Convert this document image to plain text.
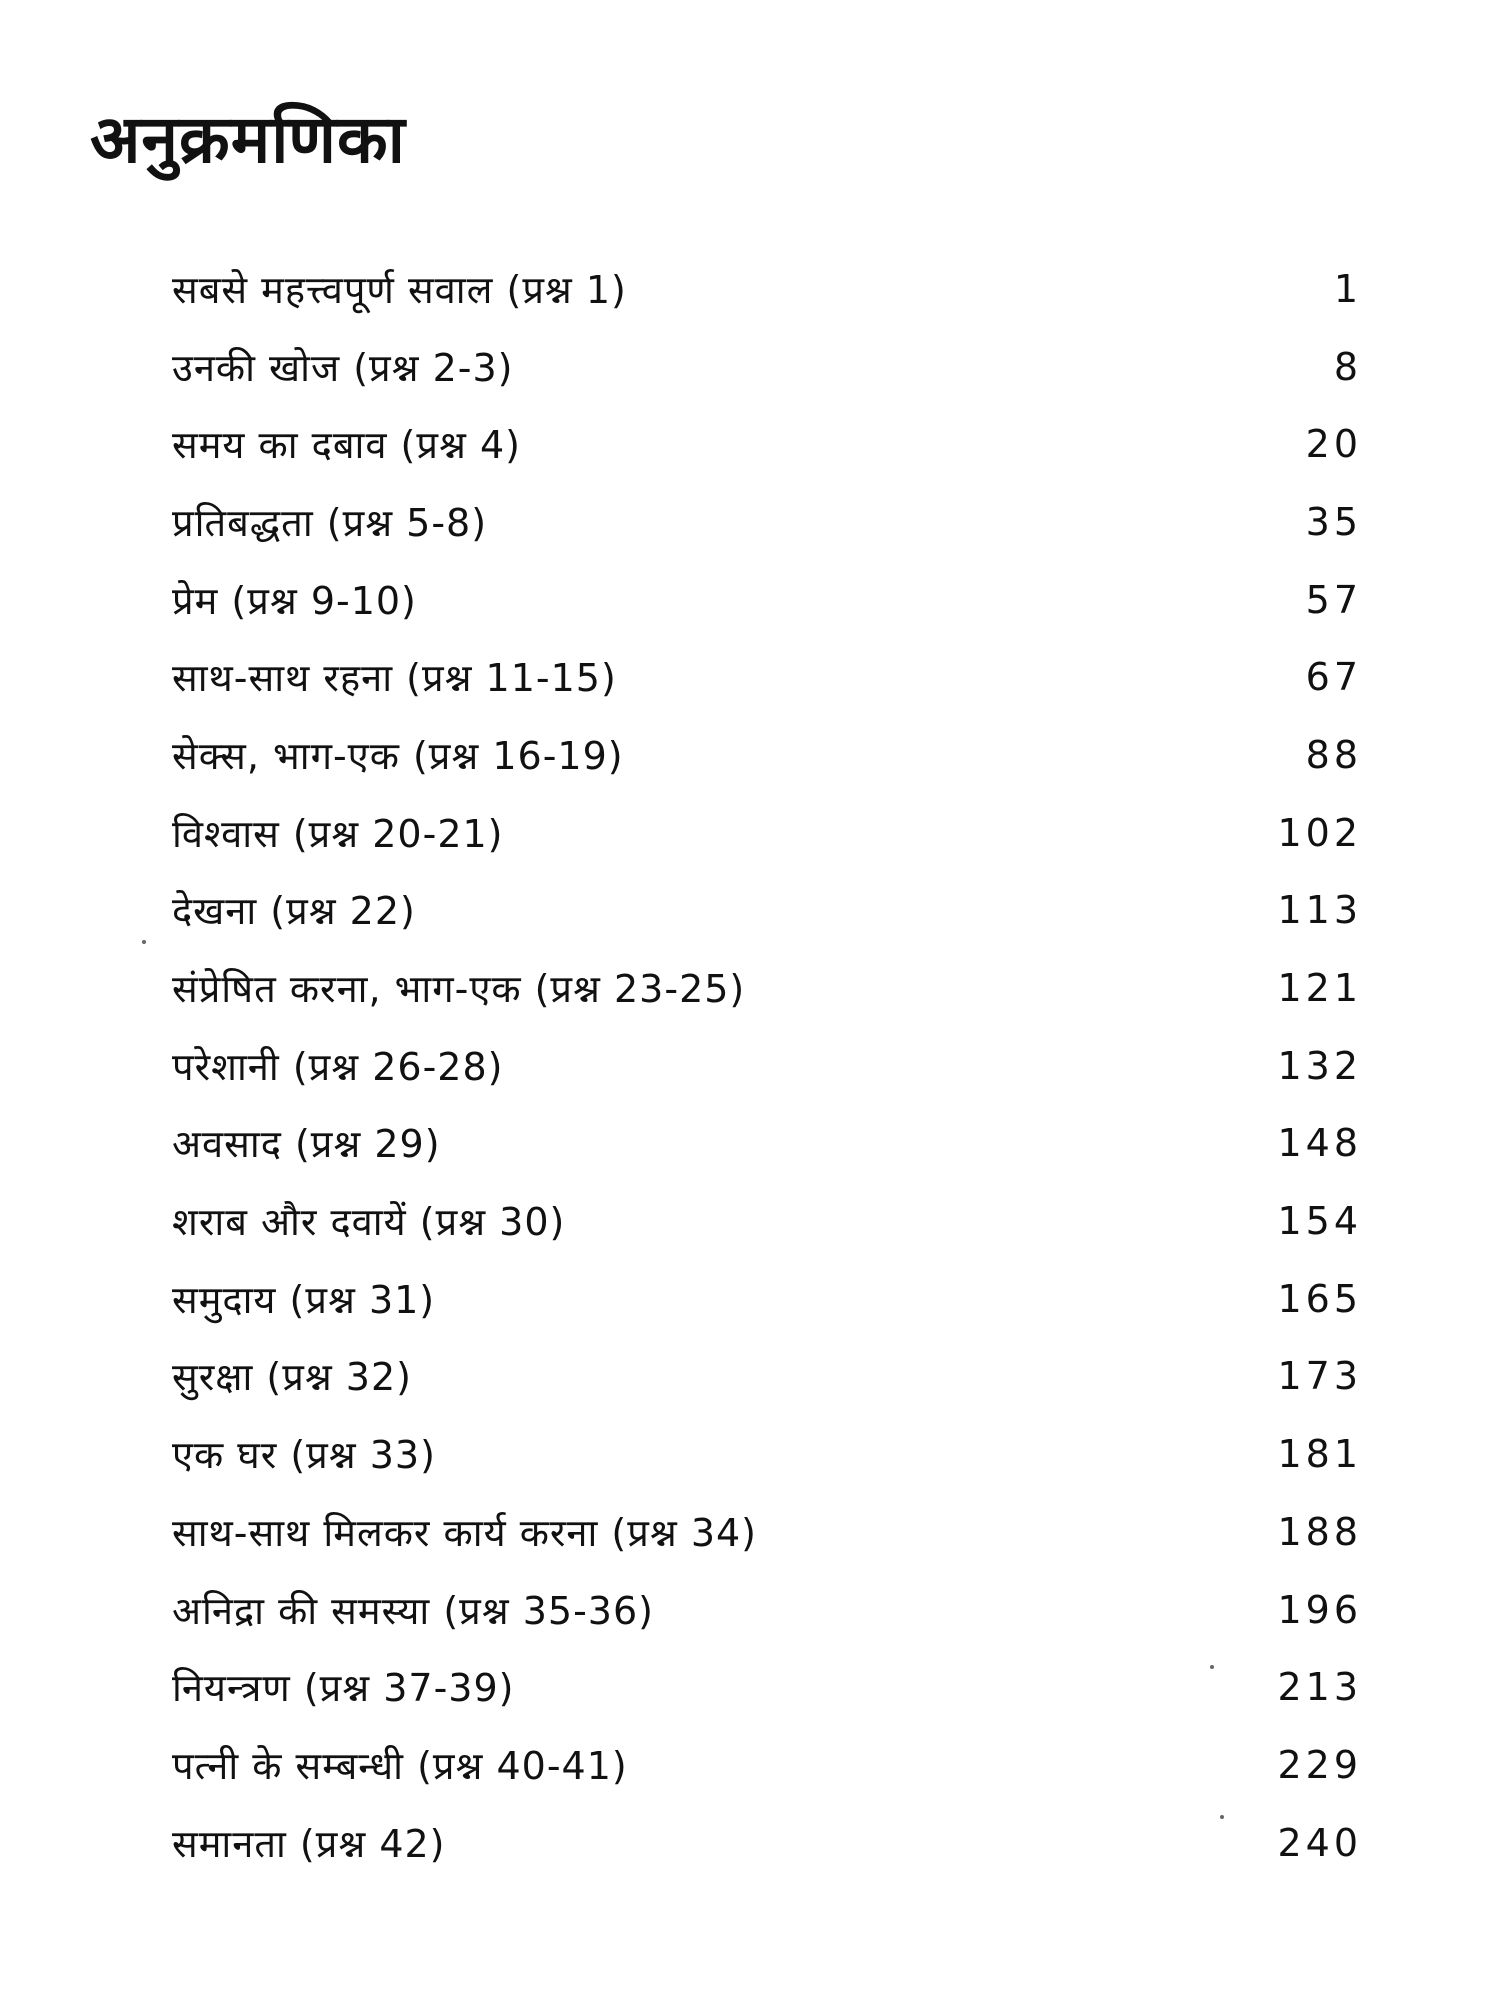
अनुक्रमणिका
सबसे महत्त्वपूर्ण सवाल (प्रश्न 1)	1
उनकी खोज (प्रश्न 2-3)	8
समय का दबाव (प्रश्न 4)	20
प्रतिबद्धता (प्रश्न 5-8)	35
प्रेम (प्रश्न 9-10)	57
साथ-साथ रहना (प्रश्न 11-15)	67
सेक्स, भाग-एक (प्रश्न 16-19)	88
विश्वास (प्रश्न 20-21)	102
देखना (प्रश्न 22)	113
संप्रेषित करना, भाग-एक (प्रश्न 23-25)	121
परेशानी (प्रश्न 26-28)	132
अवसाद (प्रश्न 29)	148
शराब और दवायें (प्रश्न 30)	154
समुदाय (प्रश्न 31)	165
सुरक्षा (प्रश्न 32)	173
एक घर (प्रश्न 33)	181
साथ-साथ मिलकर कार्य करना (प्रश्न 34)	188
अनिद्रा की समस्या (प्रश्न 35-36)	196
नियन्त्रण (प्रश्न 37-39)	213
पत्नी के सम्बन्धी (प्रश्न 40-41)	229
समानता (प्रश्न 42)	240
